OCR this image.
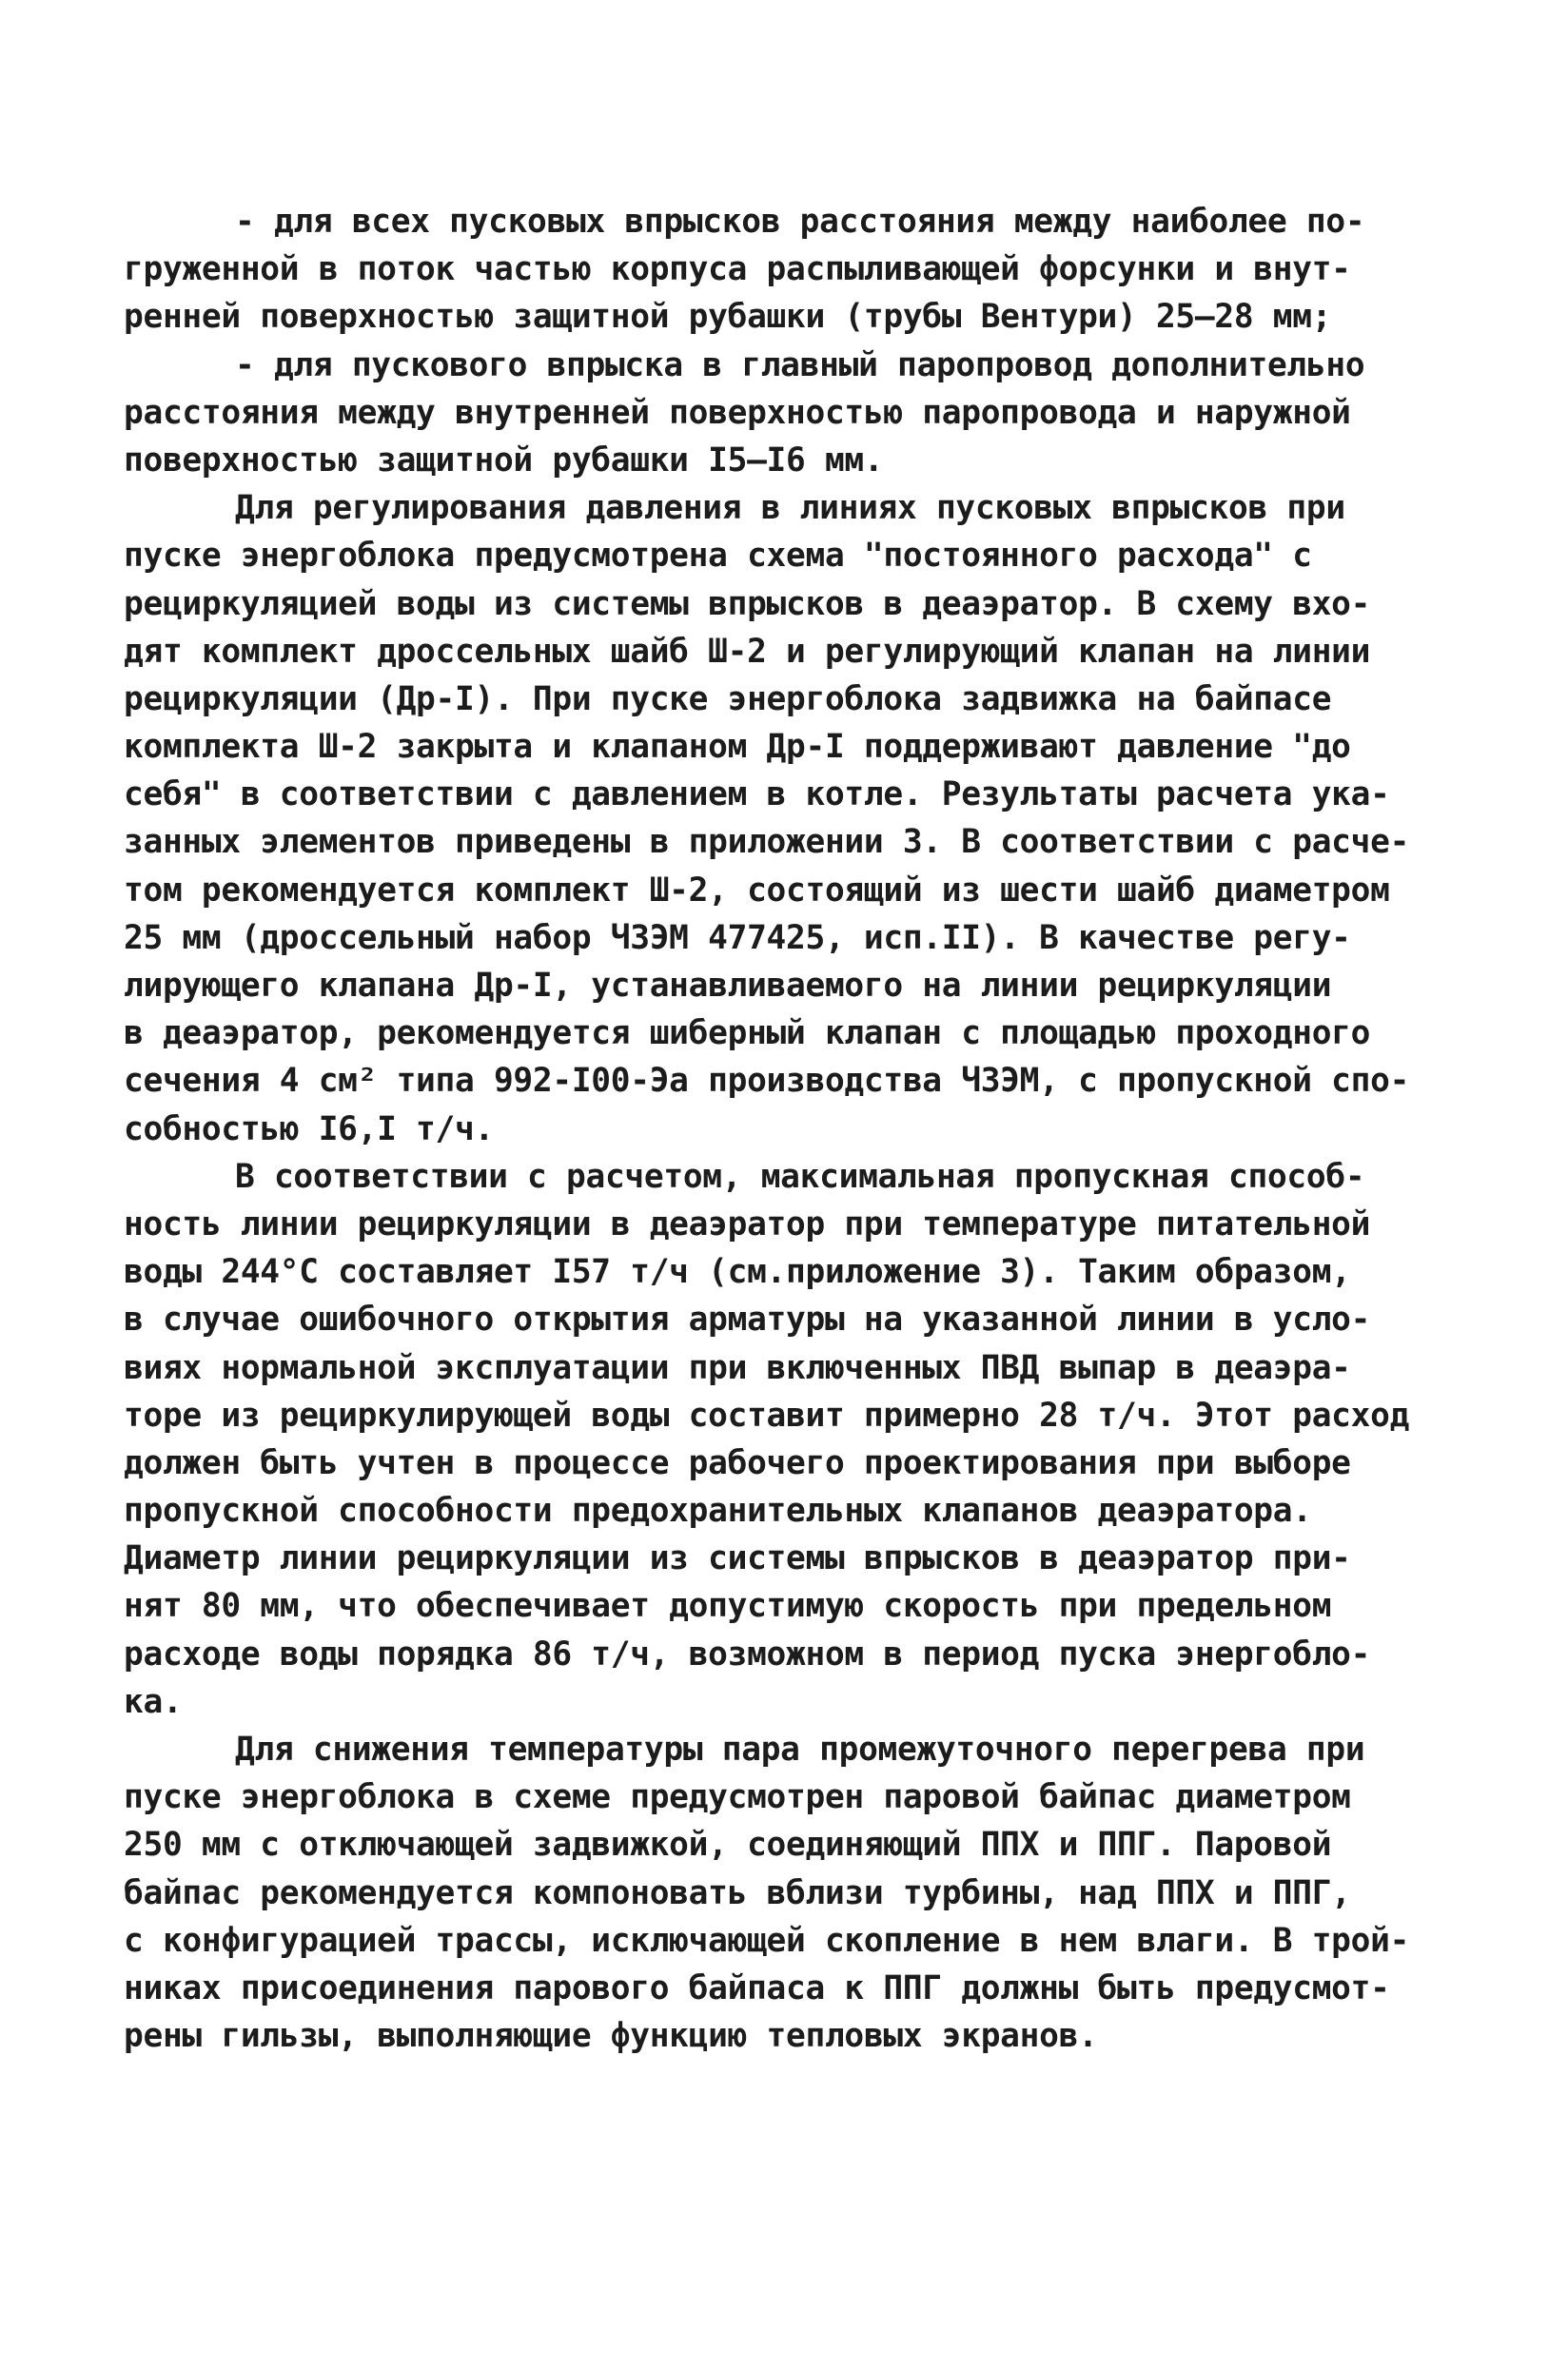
- для всех пусковых впрысков расстояния между наиболее по-
груженной в поток частью корпуса распыливающей форсунки и внут-
ренней поверхностью защитной рубашки (трубы Вентури) 25–28 мм;
- для пускового впрыска в главный паропровод дополнительно
расстояния между внутренней поверхностью паропровода и наружной
поверхностью защитной рубашки I5–I6 мм.
Для регулирования давления в линиях пусковых впрысков при
пуске энергоблока предусмотрена схема "постоянного расхода" с
рециркуляцией воды из системы впрысков в деаэратор. В схему вхо-
дят комплект дроссельных шайб Ш-2 и регулирующий клапан на линии
рециркуляции (Др-I). При пуске энергоблока задвижка на байпасе
комплекта Ш-2 закрыта и клапаном Др-I поддерживают давление "до
себя" в соответствии с давлением в котле. Результаты расчета ука-
занных элементов приведены в приложении 3. В соответствии с расче-
том рекомендуется комплект Ш-2, состоящий из шести шайб диаметром
25 мм (дроссельный набор ЧЗЭМ 477425, исп.II). В качестве регу-
лирующего клапана Др-I, устанавливаемого на линии рециркуляции
в деаэратор, рекомендуется шиберный клапан с площадью проходного
сечения 4 см² типа 992-I00-Эа производства ЧЗЭМ, с пропускной спо-
собностью I6,I т/ч.
В соответствии с расчетом, максимальная пропускная способ-
ность линии рециркуляции в деаэратор при температуре питательной
воды 244°С составляет I57 т/ч (см.приложение 3). Таким образом,
в случае ошибочного открытия арматуры на указанной линии в усло-
виях нормальной эксплуатации при включенных ПВД выпар в деаэра-
торе из рециркулирующей воды составит примерно 28 т/ч. Этот расход
должен быть учтен в процессе рабочего проектирования при выборе
пропускной способности предохранительных клапанов деаэратора.
Диаметр линии рециркуляции из системы впрысков в деаэратор при-
нят 80 мм, что обеспечивает допустимую скорость при предельном
расходе воды порядка 86 т/ч, возможном в период пуска энергобло-
ка.
Для снижения температуры пара промежуточного перегрева при
пуске энергоблока в схеме предусмотрен паровой байпас диаметром
250 мм с отключающей задвижкой, соединяющий ППХ и ППГ. Паровой
байпас рекомендуется компоновать вблизи турбины, над ППХ и ППГ,
с конфигурацией трассы, исключающей скопление в нем влаги. В трой-
никах присоединения парового байпаса к ППГ должны быть предусмот-
рены гильзы, выполняющие функцию тепловых экранов.
